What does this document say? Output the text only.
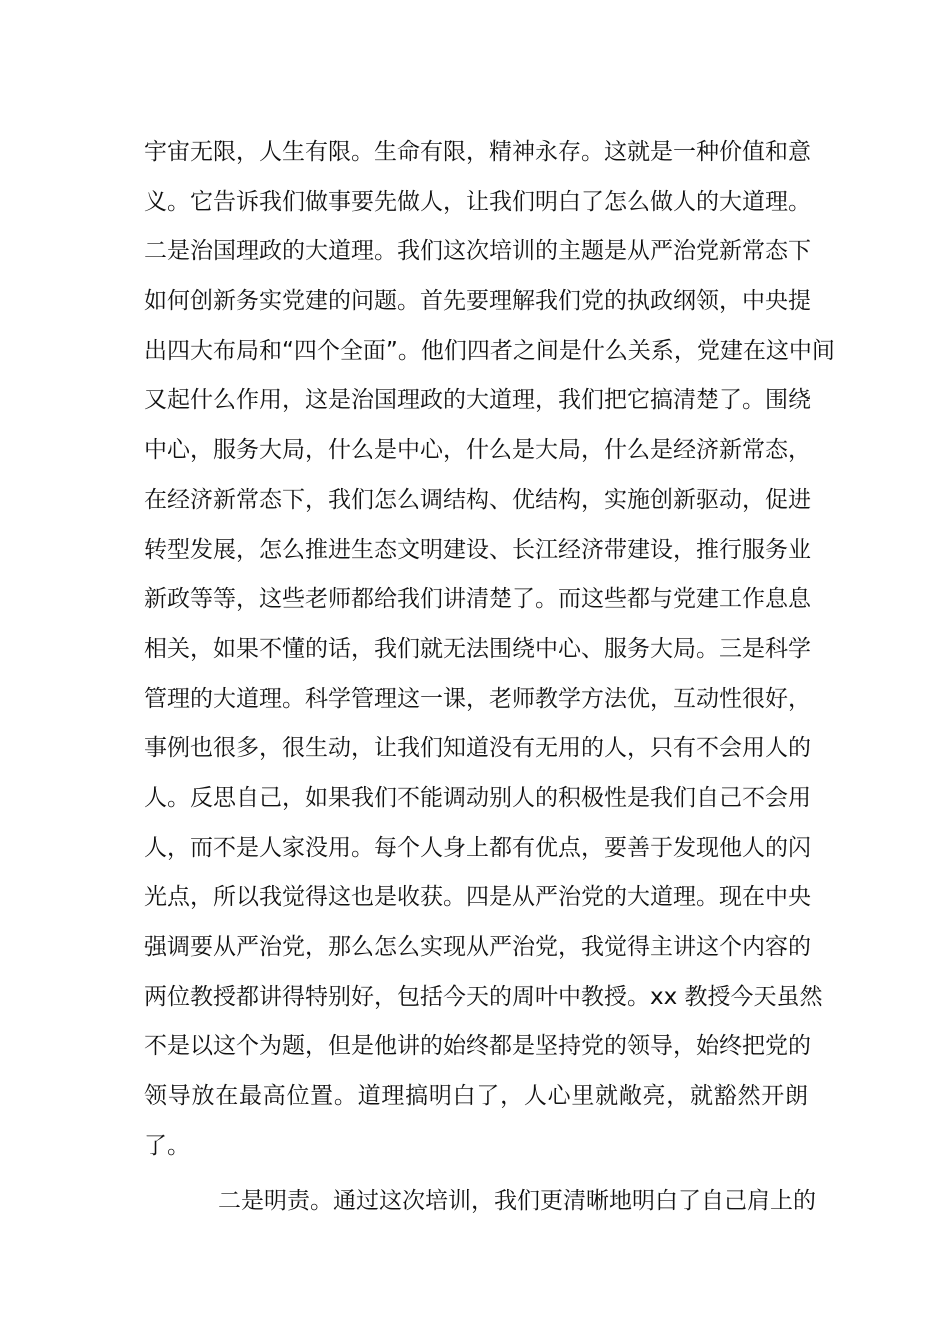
宇宙无限，人生有限。生命有限，精神永存。这就是一种价值和意
义。它告诉我们做事要先做人，让我们明白了怎么做人的大道理。
二是治国理政的大道理。我们这次培训的主题是从严治党新常态下
如何创新务实党建的问题。首先要理解我们党的执政纲领，中央提
出四大布局和“四个全面”。他们四者之间是什么关系，党建在这中间
又起什么作用，这是治国理政的大道理，我们把它搞清楚了。围绕
中心，服务大局，什么是中心，什么是大局，什么是经济新常态，
在经济新常态下，我们怎么调结构、优结构，实施创新驱动，促进
转型发展，怎么推进生态文明建设、长江经济带建设，推行服务业
新政等等，这些老师都给我们讲清楚了。而这些都与党建工作息息
相关，如果不懂的话，我们就无法围绕中心、服务大局。三是科学
管理的大道理。科学管理这一课，老师教学方法优，互动性很好，
事例也很多，很生动，让我们知道没有无用的人，只有不会用人的
人。反思自己，如果我们不能调动别人的积极性是我们自己不会用
人，而不是人家没用。每个人身上都有优点，要善于发现他人的闪
光点，所以我觉得这也是收获。四是从严治党的大道理。现在中央
强调要从严治党，那么怎么实现从严治党，我觉得主讲这个内容的
两位教授都讲得特别好，包括今天的周叶中教授。xx 教授今天虽然
不是以这个为题，但是他讲的始终都是坚持党的领导，始终把党的
领导放在最高位置。道理搞明白了，人心里就敞亮，就豁然开朗
了。
二是明责。通过这次培训，我们更清晰地明白了自己肩上的
